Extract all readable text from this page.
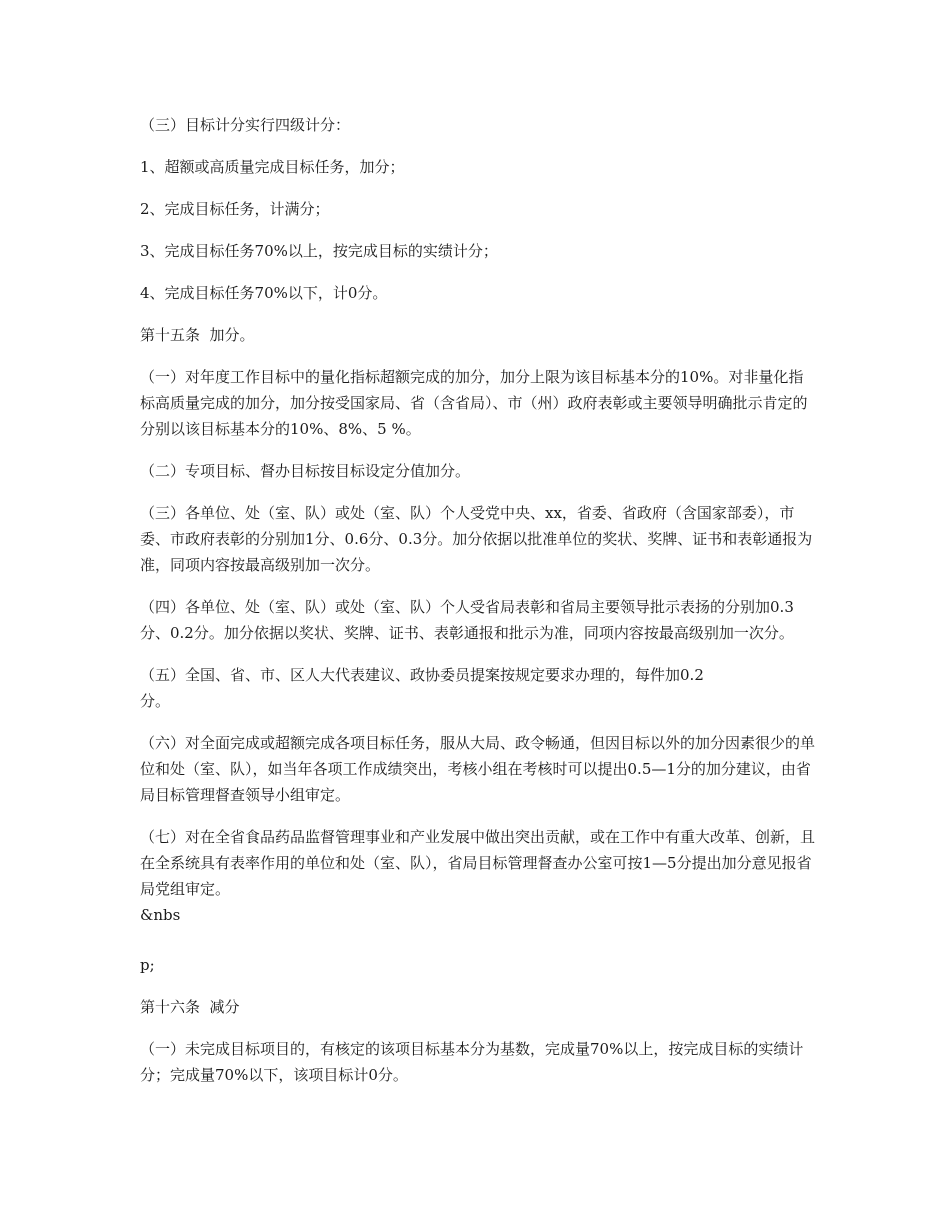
（三）目标计分实行四级计分：

1、超额或高质量完成目标任务，加分；

2、完成目标任务，计满分；

3、完成目标任务70%以上，按完成目标的实绩计分；

4、完成目标任务70%以下，计0分。

第十五条  加分。

（一）对年度工作目标中的量化指标超额完成的加分，加分上限为该目标基本分的10%。对非量化指标高质量完成的加分，加分按受国家局、省（含省局）、市（州）政府表彰或主要领导明确批示肯定的分别以该目标基本分的10%、8%、5 %。

（二）专项目标、督办目标按目标设定分值加分。

（三）各单位、处（室、队）或处（室、队）个人受党中央、xx，省委、省政府（含国家部委），市委、市政府表彰的分别加1分、0.6分、0.3分。加分依据以批准单位的奖状、奖牌、证书和表彰通报为准，同项内容按最高级别加一次分。

（四）各单位、处（室、队）或处（室、队）个人受省局表彰和省局主要领导批示表扬的分别加0.3分、0.2分。加分依据以奖状、奖牌、证书、表彰通报和批示为准，同项内容按最高级别加一次分。

（五）全国、省、市、区人大代表建议、政协委员提案按规定要求办理的，每件加0.2

分。

（六）对全面完成或超额完成各项目标任务，服从大局、政令畅通，但因目标以外的加分因素很少的单位和处（室、队），如当年各项工作成绩突出，考核小组在考核时可以提出0.5—1分的加分建议，由省局目标管理督查领导小组审定。

（七）对在全省食品药品监督管理事业和产业发展中做出突出贡献，或在工作中有重大改革、创新，且在全系统具有表率作用的单位和处（室、队），省局目标管理督查办公室可按1—5分提出加分意见报省局党组审定。

&nbs

p;

第十六条  减分

（一）未完成目标项目的，有核定的该项目标基本分为基数，完成量70%以上，按完成目标的实绩计分；完成量70%以下，该项目标计0分。
